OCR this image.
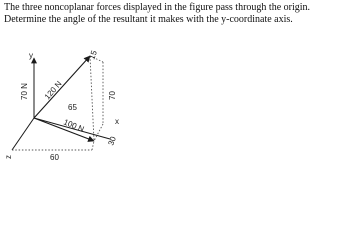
The three noncoplanar forces displayed in the figure pass through the origin. Determine the angle of the resultant it makes with the y-coordinate axis.

y
x
z
120 N
100 N
70 N
15
70
65
30
60
